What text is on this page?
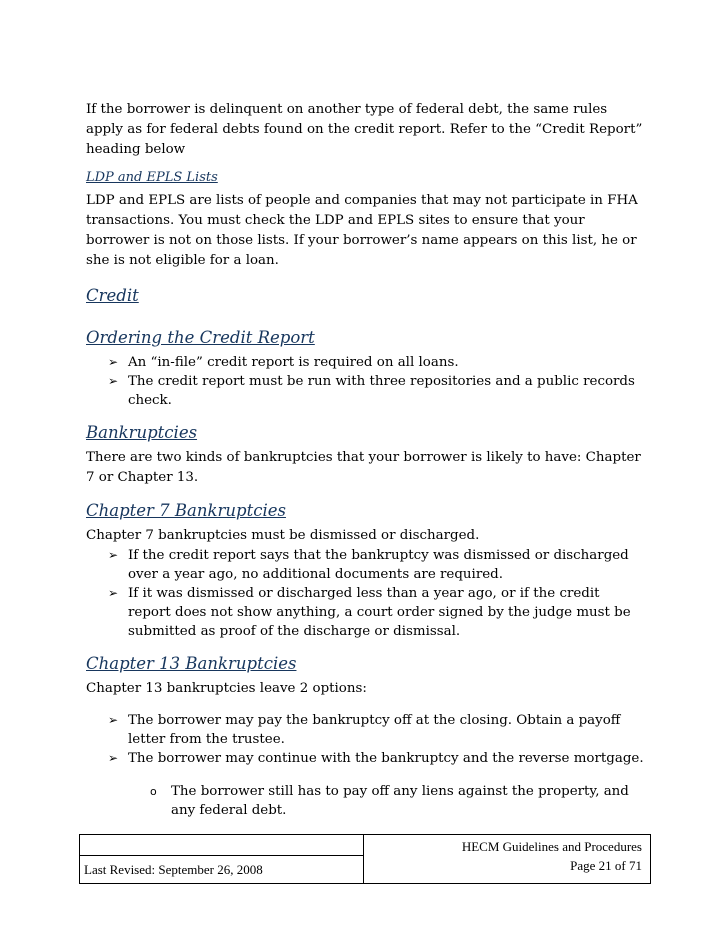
If the borrower is delinquent on another type of federal debt, the same rules apply as for federal debts found on the credit report. Refer to the “Credit Report” heading below

LDP and EPLS Lists

LDP and EPLS are lists of people and companies that may not participate in FHA transactions. You must check the LDP and EPLS sites to ensure that your borrower is not on those lists. If your borrower’s name appears on this list, he or she is not eligible for a loan.

Credit
Ordering the Credit Report
➢ An “in-file” credit report is required on all loans.
➢ The credit report must be run with three repositories and a public records check.
Bankruptcies

There are two kinds of bankruptcies that your borrower is likely to have: Chapter 7 or Chapter 13.

Chapter 7 Bankruptcies

Chapter 7 bankruptcies must be dismissed or discharged.

➢ If the credit report says that the bankruptcy was dismissed or discharged over a year ago, no additional documents are required.
➢ If it was dismissed or discharged less than a year ago, or if the credit report does not show anything, a court order signed by the judge must be submitted as proof of the discharge or dismissal.
Chapter 13 Bankruptcies

Chapter 13 bankruptcies leave 2 options:

➢ The borrower may pay the bankruptcy off at the closing. Obtain a payoff letter from the trustee.
➢ The borrower may continue with the bankruptcy and the reverse mortgage.
o The borrower still has to pay off any liens against the property, and any federal debt.
Last Revised: September 26, 2008
HECM Guidelines and Procedures
Page 21 of 71
